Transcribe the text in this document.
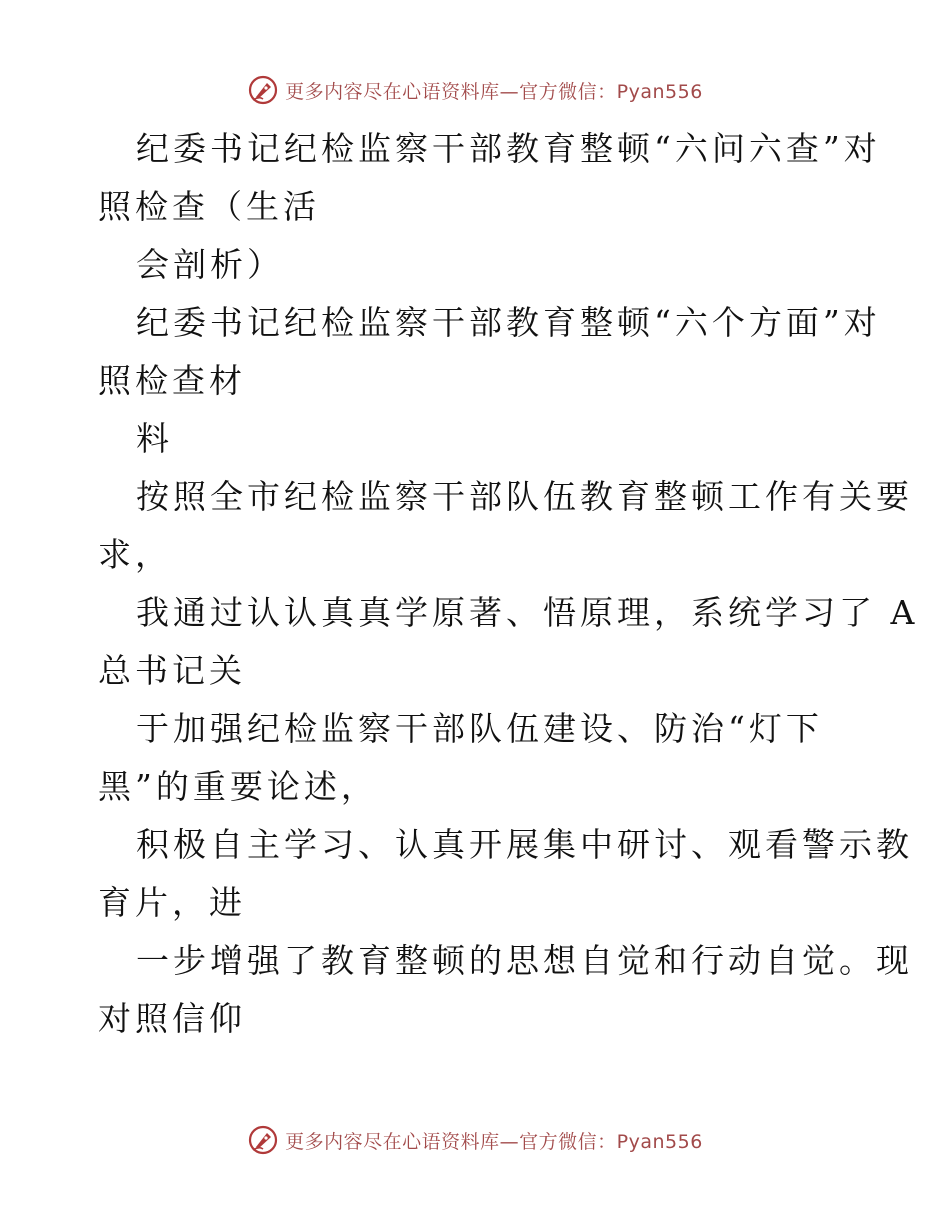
更多内容尽在心语资料库—官方微信：Pyan556
纪委书记纪检监察干部教育整顿“六问六查”对
照检查（生活
会剖析）
纪委书记纪检监察干部教育整顿“六个方面”对
照检查材
料
按照全市纪检监察干部队伍教育整顿工作有关要
求，
我通过认认真真学原著、悟原理，系统学习了 A
总书记关
于加强纪检监察干部队伍建设、防治“灯下
黑”的重要论述，
积极自主学习、认真开展集中研讨、观看警示教
育片，进
一步增强了教育整顿的思想自觉和行动自觉。现
对照信仰
更多内容尽在心语资料库—官方微信：Pyan556
